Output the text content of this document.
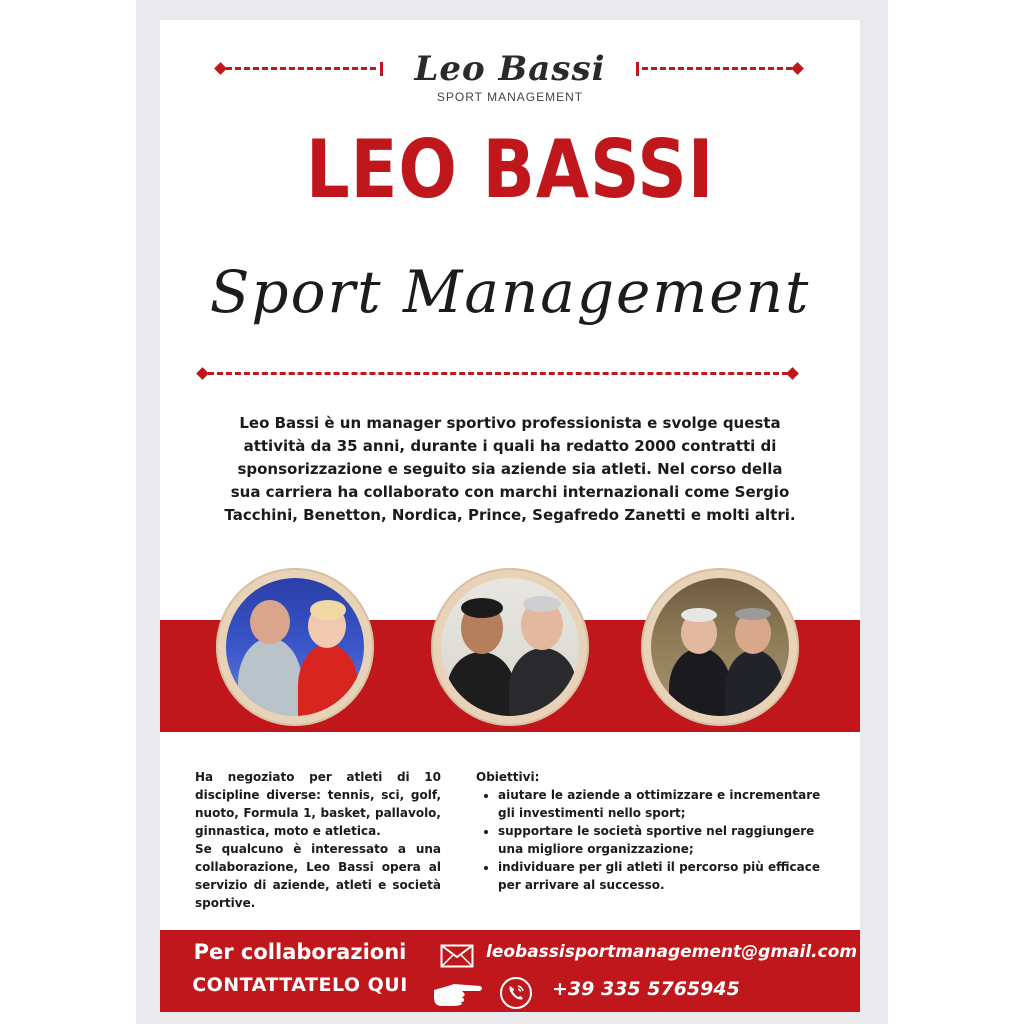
Leo Bassi
SPORT MANAGEMENT
LEO BASSI
Sport Management
Leo Bassi è un manager sportivo professionista e svolge questa attività da 35 anni, durante i quali ha redatto 2000 contratti di sponsorizzazione e seguito sia aziende sia atleti. Nel corso della sua carriera ha collaborato con marchi internazionali come Sergio Tacchini, Benetton, Nordica, Prince, Segafredo Zanetti e molti altri.
Ha negoziato per atleti di 10 discipline diverse: tennis, sci, golf, nuoto, Formula 1, basket, pallavolo, ginnastica, moto e atletica.
Se qualcuno è interessato a una collaborazione, Leo Bassi opera al servizio di aziende, atleti e società sportive.
Obiettivi:
• aiutare le aziende a ottimizzare e incrementare gli investimenti nello sport;
• supportare le società sportive nel raggiungere una migliore organizzazione;
• individuare per gli atleti il percorso più efficace per arrivare al successo.
Per collaborazioni
CONTATTATELO QUI
leobassisportmanagement@gmail.com
+39 335 5765945
